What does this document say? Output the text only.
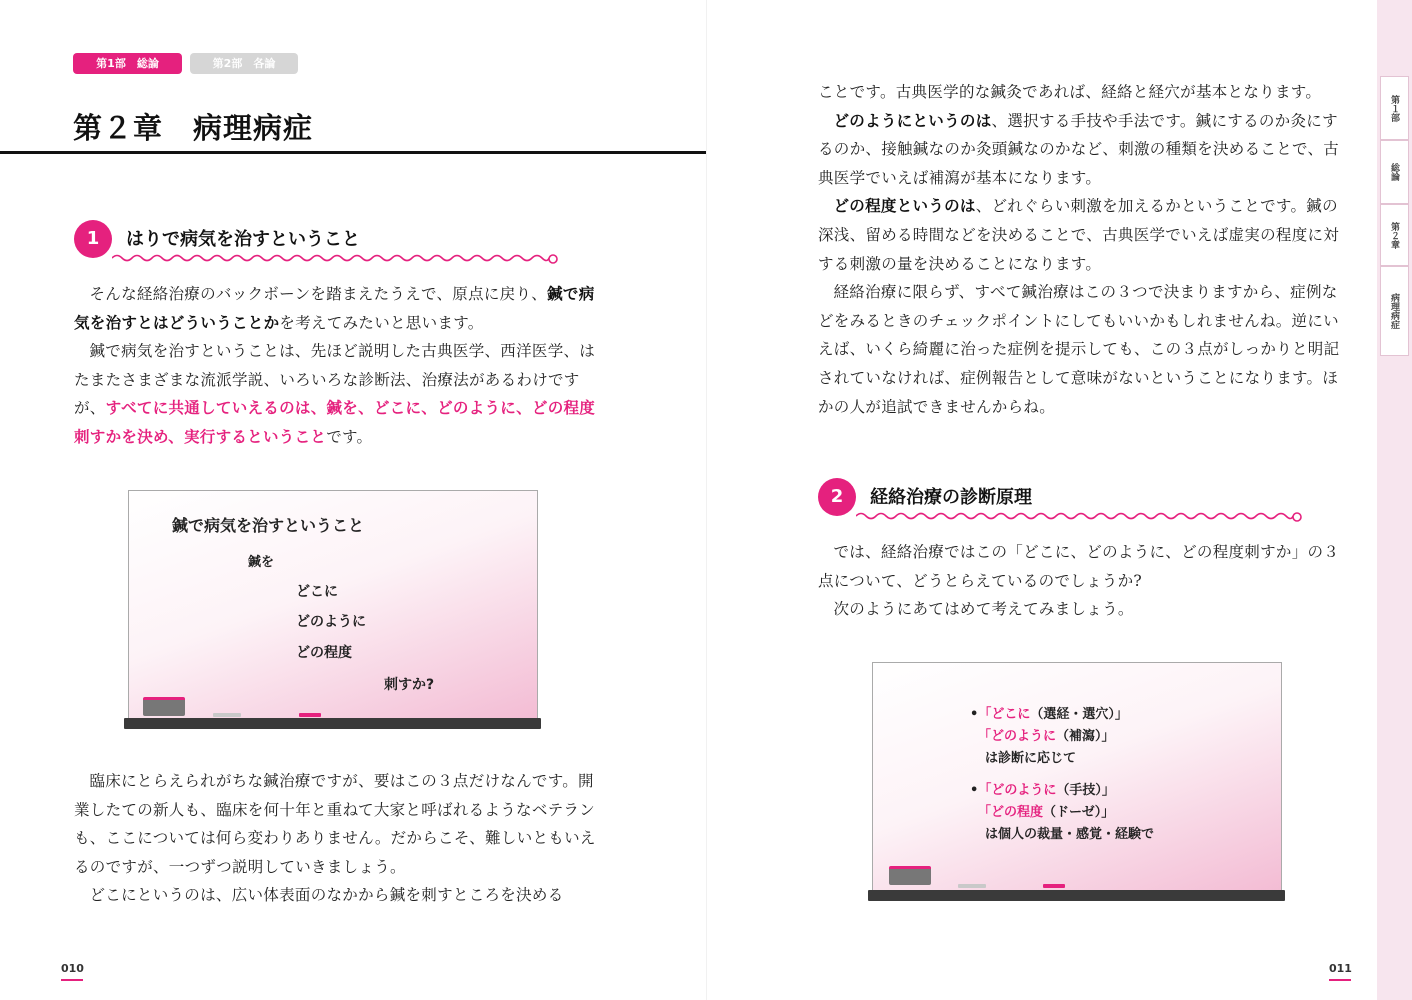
第1部　総論	第2部　各論
第２章　病理病症
1	はりで病気を治すということ

そんな経絡治療のバックボーンを踏まえたうえで、原点に戻り、鍼で病気を治すとはどういうことかを考えてみたいと思います。

鍼で病気を治すということは、先ほど説明した古典医学、西洋医学、はたまたさまざまな流派学説、いろいろな診断法、治療法があるわけですが、すべてに共通していえるのは、鍼を、どこに、どのように、どの程度刺すかを決め、実行するということです。

鍼で病気を治すということ
鍼を
どこに
どのように
どの程度
刺すか?

臨床にとらえられがちな鍼治療ですが、要はこの３点だけなんです。開業したての新人も、臨床を何十年と重ねて大家と呼ばれるようなベテランも、ここについては何ら変わりありません。だからこそ、難しいともいえるのですが、一つずつ説明していきましょう。

どこにというのは、広い体表面のなかから鍼を刺すところを決める

010

ことです。古典医学的な鍼灸であれば、経絡と経穴が基本となります。

どのようにというのは、選択する手技や手法です。鍼にするのか灸にするのか、接触鍼なのか灸頭鍼なのかなど、刺激の種類を決めることで、古典医学でいえば補瀉が基本になります。

どの程度というのは、どれぐらい刺激を加えるかということです。鍼の深浅、留める時間などを決めることで、古典医学でいえば虚実の程度に対する刺激の量を決めることになります。

経絡治療に限らず、すべて鍼治療はこの３つで決まりますから、症例などをみるときのチェックポイントにしてもいいかもしれませんね。逆にいえば、いくら綺麗に治った症例を提示しても、この３点がしっかりと明記されていなければ、症例報告として意味がないということになります。ほかの人が追試できませんからね。

2	経絡治療の診断原理

では、経絡治療ではこの「どこに、どのように、どの程度刺すか」の３点について、どうとらえているのでしょうか?

次のようにあてはめて考えてみましょう。

•「どこに（選経・選穴）」
「どのように（補瀉）」
は診断に応じて
•「どのように（手技）」
「どの程度（ドーゼ）」
は個人の裁量・感覚・経験で
011
第１部
総論
第２章
病理病症
